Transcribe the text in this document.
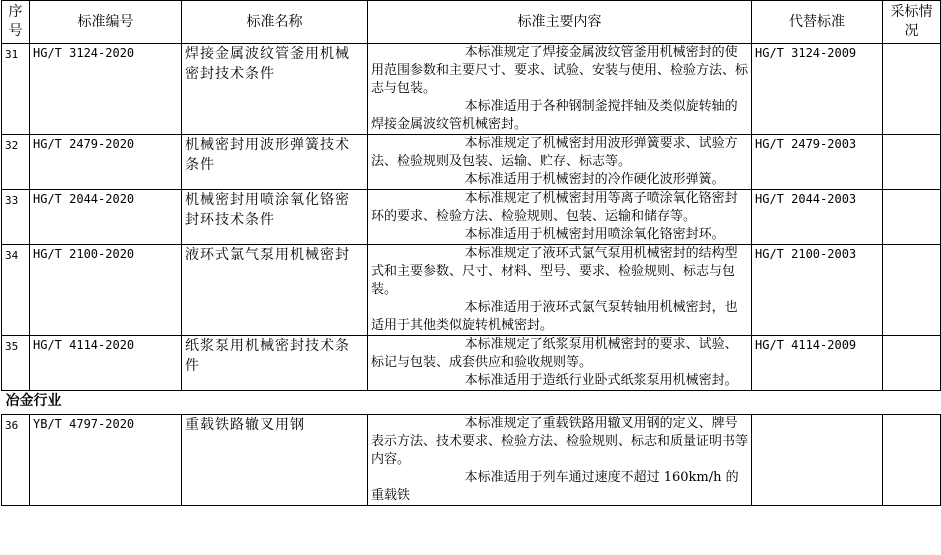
序号	标准编号	标准名称	标准主要内容	代替标准	采标情况
31	HG/T 3124-2020	焊接金属波纹管釜用机械密封技术条件	本标准规定了焊接金属波纹管釜用机械密封的使用范围参数和主要尺寸、要求、试验、安装与使用、检验方法、标志与包装。

本标准适用于各种钢制釜搅拌轴及类似旋转轴的焊接金属波纹管机械密封。	HG/T 3124-2009	
32	HG/T 2479-2020	机械密封用波形弹簧技术条件	本标准规定了机械密封用波形弹簧要求、试验方法、检验规则及包装、运输、贮存、标志等。

本标准适用于机械密封的冷作硬化波形弹簧。	HG/T 2479-2003	
33	HG/T 2044-2020	机械密封用喷涂氧化铬密封环技术条件	本标准规定了机械密封用等离子喷涂氧化铬密封环的要求、检验方法、检验规则、包装、运输和储存等。

本标准适用于机械密封用喷涂氧化铬密封环。	HG/T 2044-2003	
34	HG/T 2100-2020	液环式氯气泵用机械密封	本标准规定了液环式氯气泵用机械密封的结构型式和主要参数、尺寸、材料、型号、要求、检验规则、标志与包装。

本标准适用于液环式氯气泵转轴用机械密封，也适用于其他类似旋转机械密封。	HG/T 2100-2003	
35	HG/T 4114-2020	纸浆泵用机械密封技术条件	本标准规定了纸浆泵用机械密封的要求、试验、标记与包装、成套供应和验收规则等。

本标准适用于造纸行业卧式纸浆泵用机械密封。	HG/T 4114-2009	
冶金行业					
36	YB/T 4797-2020	重载铁路辙叉用钢	本标准规定了重载铁路用辙叉用钢的定义、牌号表示方法、技术要求、检验方法、检验规则、标志和质量证明书等内容。

本标准适用于列车通过速度不超过 160km/h 的重载铁		
